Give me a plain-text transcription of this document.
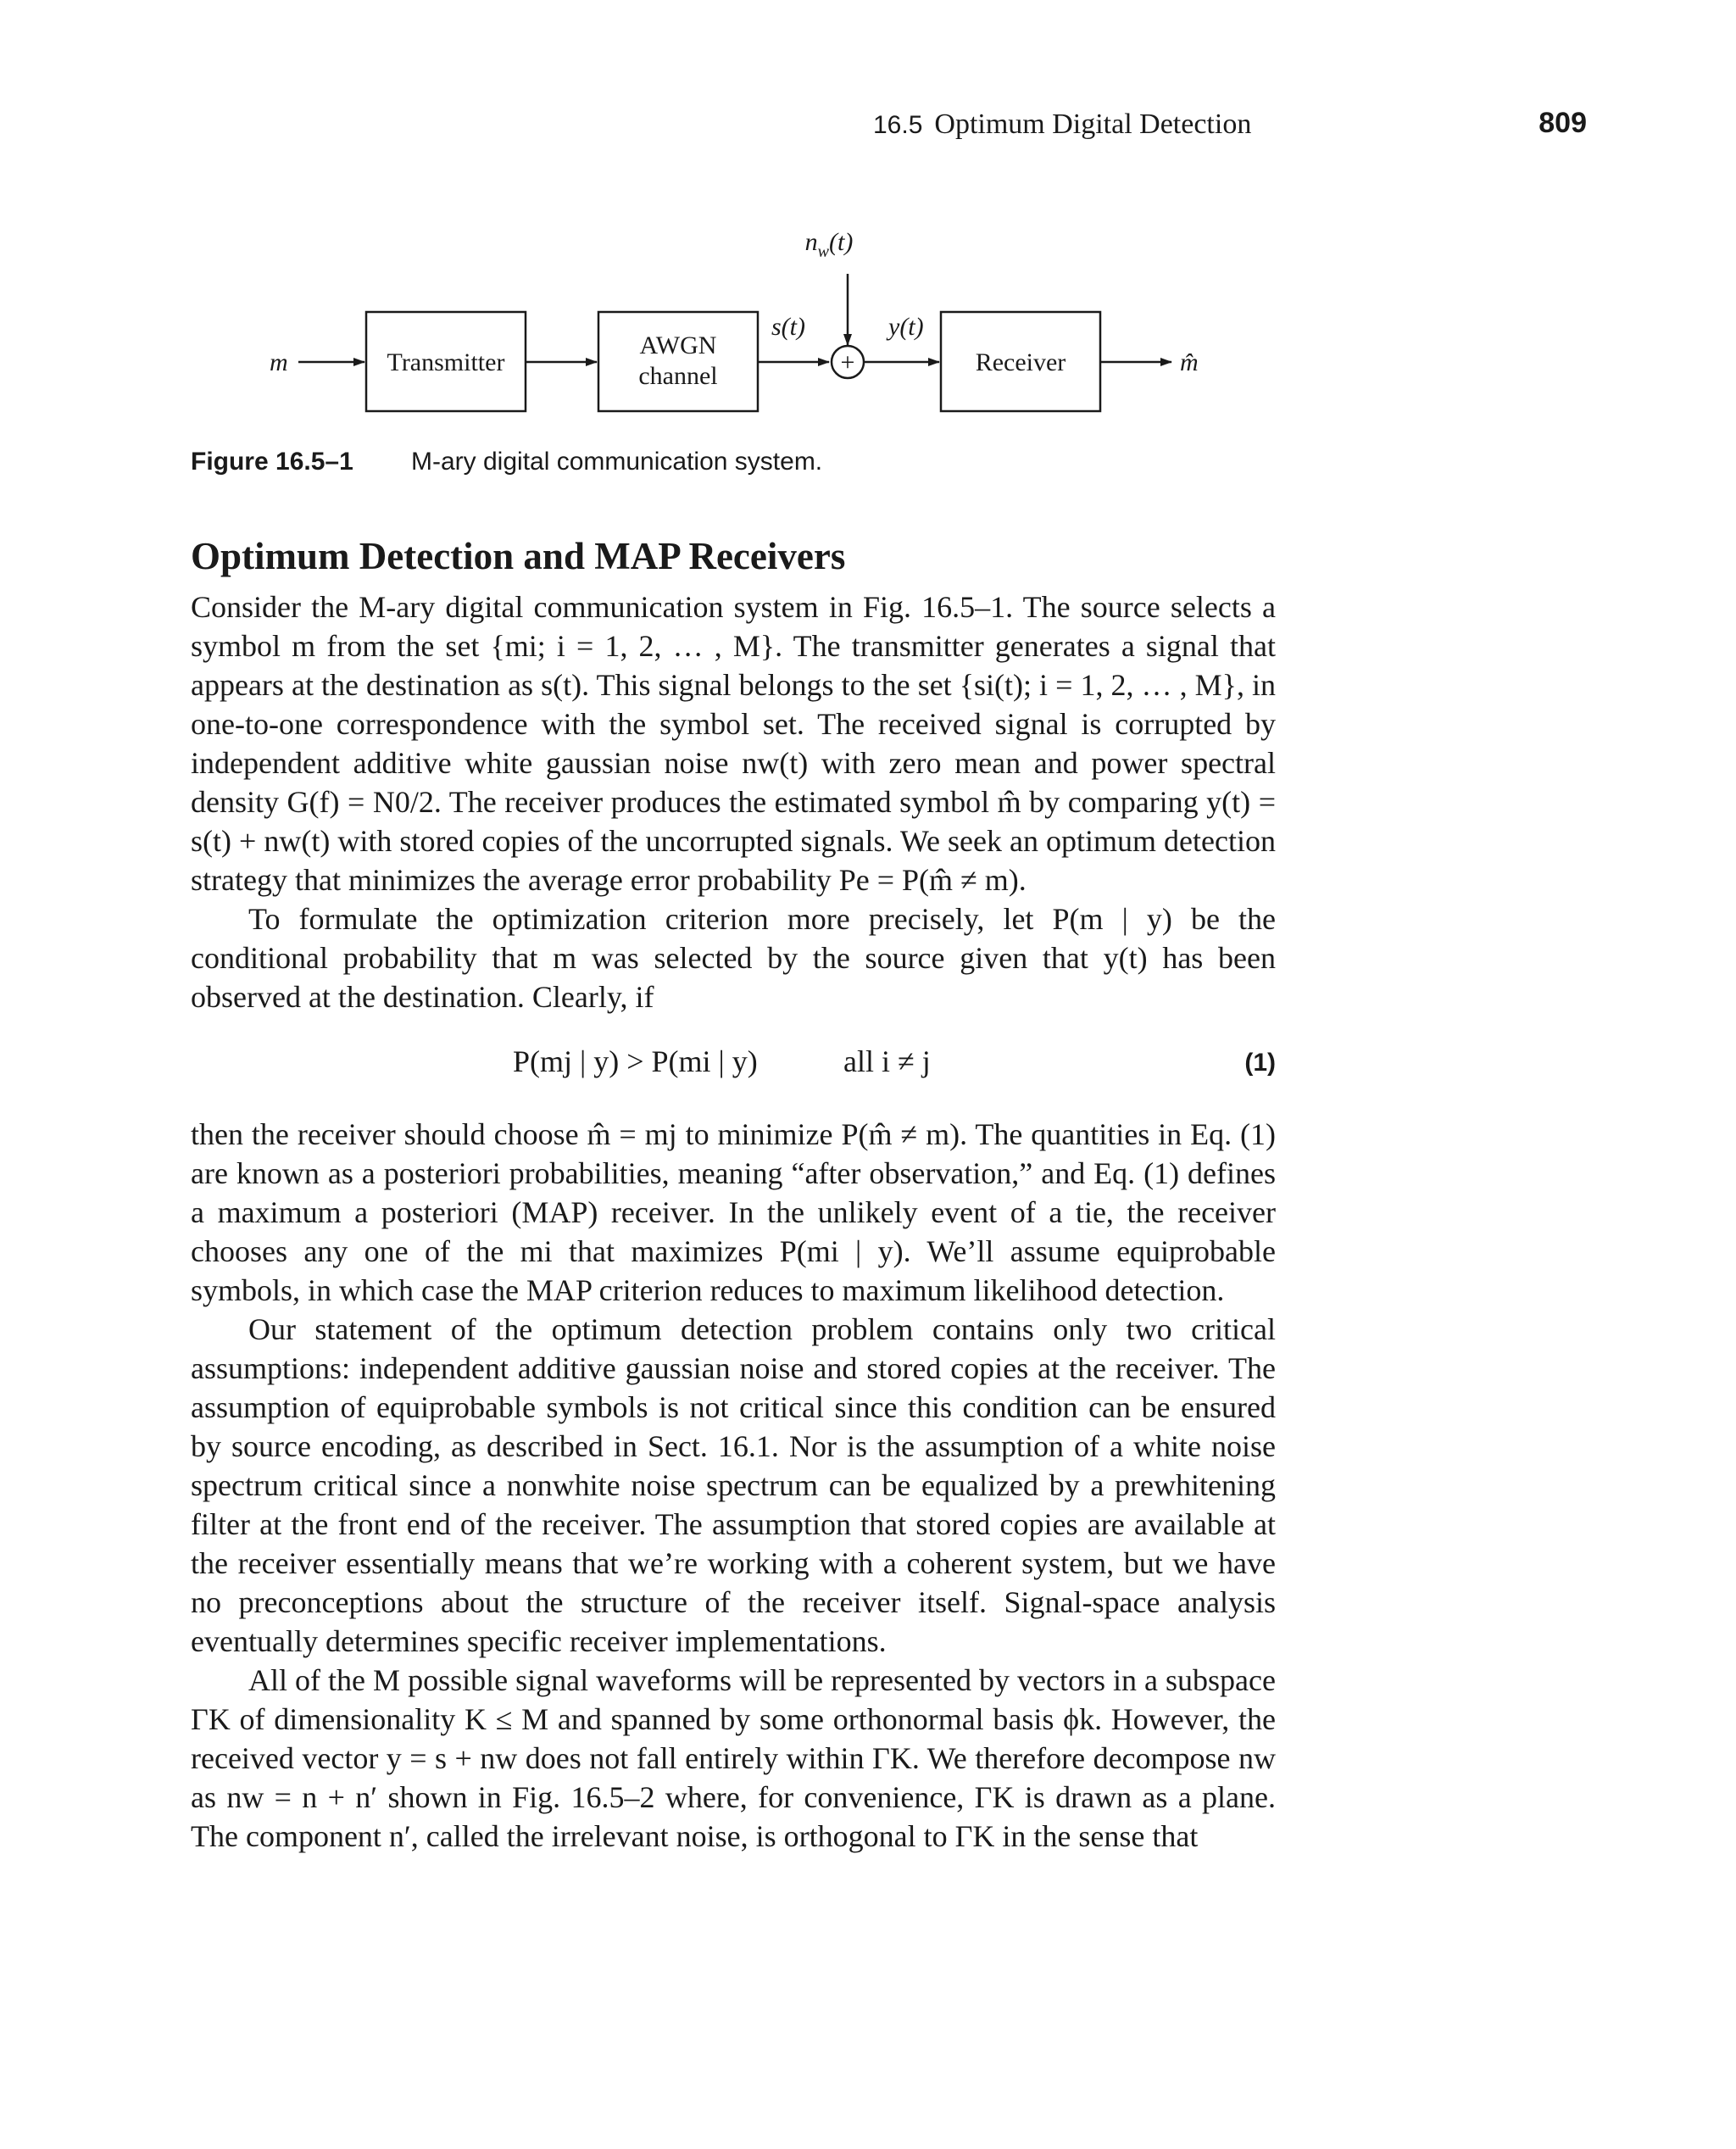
16.5 Optimum Digital Detection	809
m	Transmitter
AWGN
channel
s(t)
$n_w(t)$
+
y(t)
Receiver	m̂
Figure 16.5–1 M-ary digital communication system.
Optimum Detection and MAP Receivers

Consider the M-ary digital communication system in Fig. 16.5–1. The source selects a symbol m from the set {mi; i = 1, 2, … , M}. The transmitter generates a signal that appears at the destination as s(t). This signal belongs to the set {si(t); i = 1, 2, … , M}, in one-to-one correspondence with the symbol set. The received signal is corrupted by independent additive white gaussian noise nw(t) with zero mean and power spectral density G(f) = N0/2. The receiver produces the estimated symbol m̂ by comparing y(t) = s(t) + nw(t) with stored copies of the uncorrupted signals. We seek an optimum detection strategy that minimizes the average error probability Pe = P(m̂ ≠ m).

To formulate the optimization criterion more precisely, let P(m | y) be the conditional probability that m was selected by the source given that y(t) has been observed at the destination. Clearly, if

P(mj | y) > P(mi | y)	all i ≠ j	(1)

then the receiver should choose m̂ = mj to minimize P(m̂ ≠ m). The quantities in Eq. (1) are known as a posteriori probabilities, meaning “after observation,” and Eq. (1) defines a maximum a posteriori (MAP) receiver. In the unlikely event of a tie, the receiver chooses any one of the mi that maximizes P(mi | y). We’ll assume equiprobable symbols, in which case the MAP criterion reduces to maximum likelihood detection.

Our statement of the optimum detection problem contains only two critical assumptions: independent additive gaussian noise and stored copies at the receiver. The assumption of equiprobable symbols is not critical since this condition can be ensured by source encoding, as described in Sect. 16.1. Nor is the assumption of a white noise spectrum critical since a nonwhite noise spectrum can be equalized by a prewhitening filter at the front end of the receiver. The assumption that stored copies are available at the receiver essentially means that we’re working with a coherent system, but we have no preconceptions about the structure of the receiver itself. Signal-space analysis eventually determines specific receiver implementations.

All of the M possible signal waveforms will be represented by vectors in a subspace ΓK of dimensionality K ≤ M and spanned by some orthonormal basis ϕk. However, the received vector y = s + nw does not fall entirely within ΓK. We therefore decompose nw as nw = n + n′ shown in Fig. 16.5–2 where, for convenience, ΓK is drawn as a plane. The component n′, called the irrelevant noise, is orthogonal to ΓK in the sense that
